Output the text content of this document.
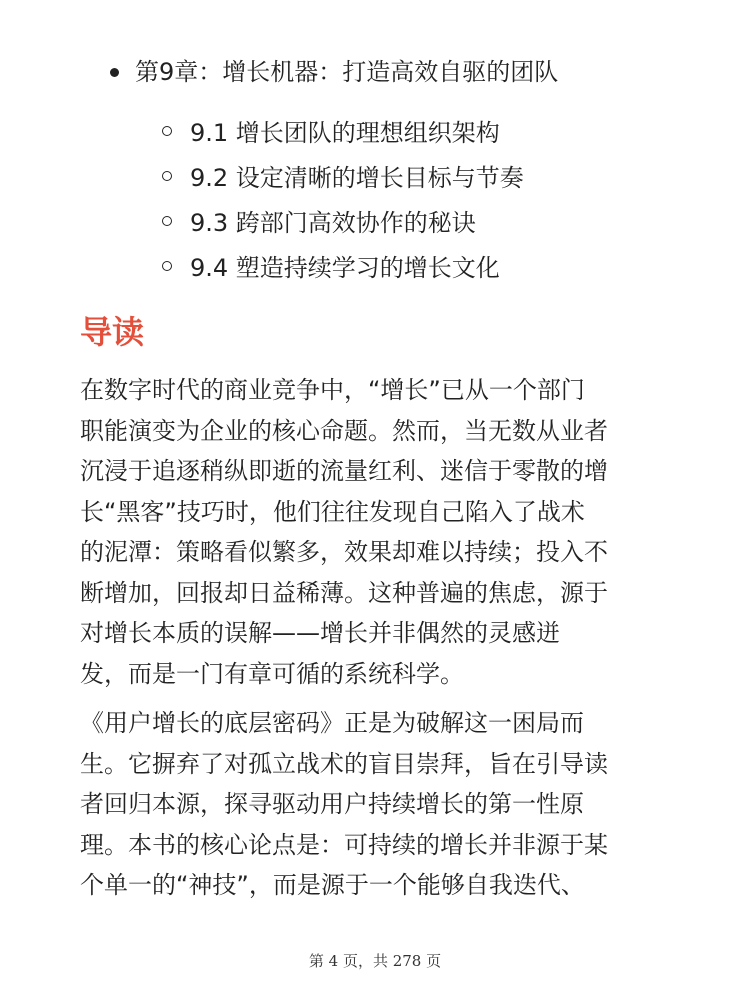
第9章：增长机器：打造高效自驱的团队
9.1 增长团队的理想组织架构
9.2 设定清晰的增长目标与节奏
9.3 跨部门高效协作的秘诀
9.4 塑造持续学习的增长文化
导读

在数字时代的商业竞争中，“增长”已从一个部门
职能演变为企业的核心命题。然而，当无数从业者
沉浸于追逐稍纵即逝的流量红利、迷信于零散的增
长“黑客”技巧时，他们往往发现自己陷入了战术
的泥潭：策略看似繁多，效果却难以持续；投入不
断增加，回报却日益稀薄。这种普遍的焦虑，源于
对增长本质的误解——增长并非偶然的灵感迸
发，而是一门有章可循的系统科学。

《用户增长的底层密码》正是为破解这一困局而
生。它摒弃了对孤立战术的盲目崇拜，旨在引导读
者回归本源，探寻驱动用户持续增长的第一性原
理。本书的核心论点是：可持续的增长并非源于某
个单一的“神技”，而是源于一个能够自我迭代、

第 4 页，共 278 页
